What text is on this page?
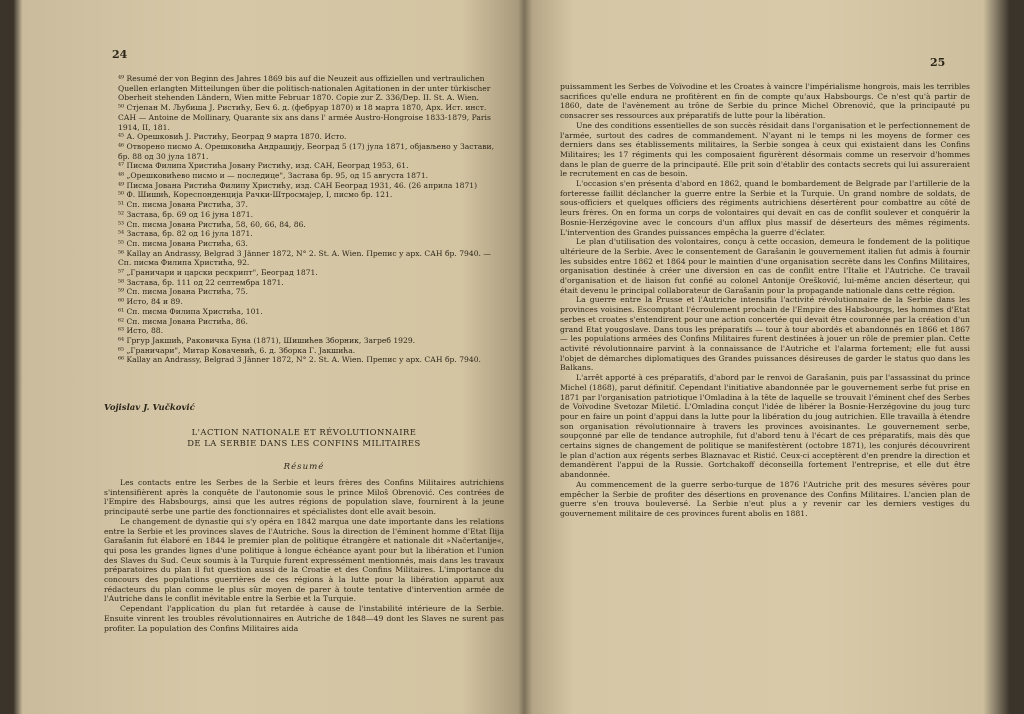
24

⁴⁹ Resumé der von Beginn des Jahres 1869 bis auf die Neuzeit aus offiziellen und vertraulichen Quellen erlangten Mitteilungen über die politisch-nationalen Agitationen in der unter türkischer Oberheit stehenden Ländern, Wien mitte Februar 1870. Copie zur Z. 336/Dep. II. St. A. Wien.

⁵⁰ Стјепан М. Љубиша Ј. Ристићу, Беч 6. д. (фебруар 1870) и 18 марта 1870, Арх. Ист. инст. САН — Antoine de Mollinary, Quarante six ans dans l' armée Austro-Hongroise 1833-1879, Paris 1914, II, 181.

⁴⁵ А. Орешковић Ј. Ристићу, Београд 9 марта 1870. Исто.

⁴⁶ Отворено писмо А. Орешковића Андрашију, Београд 5 (17) јула 1871, објављено у Застави, бр. 88 од 30 јула 1871.

⁴⁷ Писма Филипа Христића Јовану Ристићу, изд. САН, Београд 1953, 61.

⁴⁸ „Орешковићево писмо и — последице", Застава бр. 95, од 15 августа 1871.

⁴⁹ Писма Јована Ристића Филипу Христићу, изд. САН Београд 1931, 46. (26 априла 1871)

⁵⁰ Ф. Шишић, Кореспонденција Рачки-Штросмајер, I, писмо бр. 121.

⁵¹ Сп. писма Јована Ристића, 37.

⁵² Застава, бр. 69 од 16 јуна 1871.

⁵³ Сп. писма Јована Ристића, 58, 60, 66, 84, 86.

⁵⁴ Застава, бр. 82 од 16 јула 1871.

⁵⁵ Сп. писма Јована Ристића, 63.

⁵⁶ Kallay an Andrassy, Belgrad 3 Jänner 1872, N° 2. St. A. Wien. Препис у арх. САН бр. 7940. — Сп. писма Филипа Христића, 92.

⁵⁷ „Граничари и царски рескрипт", Београд 1871.

⁵⁸ Застава, бр. 111 од 22 септембра 1871.

⁵⁹ Сп. писма Јована Ристића, 75.

⁶⁰ Исто, 84 и 89.

⁶¹ Сп. писма Филипа Христића, 101.

⁶² Сп. писма Јована Ристића, 86.

⁶³ Исто, 88.

⁶⁴ Гргур Јакшић, Раковичка Буна (1871), Шишићев Зборник, Загреб 1929.

⁶⁵ „Граничари", Митар Ковачевић, 6. д. Зборка Г. Јакшића.

⁶⁶ Kallay an Andrassy, Belgrad 3 Jänner 1872, N° 2. St. A. Wien. Препис у арх. САН бр. 7940.

Vojislav J. Vučković
L'ACTION NATIONALE ET RÉVOLUTIONNAIRE
DE LA SERBIE DANS LES CONFINS MILITAIRES
Résumé

Les contacts entre les Serbes de la Serbie et leurs frères des Confins Militaires autrichiens s'intensifièrent après la conquête de l'autonomie sous le prince Miloš Obrenović. Ces contrées de l'Empire des Habsbourgs, ainsi que les autres régions de population slave, fournirent à la jeune principauté serbe une partie des fonctionnaires et spécialistes dont elle avait besoin.

Le changement de dynastie qui s'y opéra en 1842 marqua une date importante dans les relations entre la Serbie et les provinces slaves de l'Autriche. Sous la direction de l'éminent homme d'Etat Ilija Garašanin fut élaboré en 1844 le premier plan de politique étrangère et nationale dit »Načertanije«, qui posa les grandes lignes d'une politique à longue échéance ayant pour but la libération et l'union des Slaves du Sud. Ceux soumis à la Turquie furent expressément mentionnés, mais dans les travaux préparatoires du plan il fut question aussi de la Croatie et des Confins Militaires. L'importance du concours des populations guerrières de ces régions à la lutte pour la libération apparut aux rédacteurs du plan comme le plus sûr moyen de parer à toute tentative d'intervention armée de l'Autriche dans le conflit inévitable entre la Serbie et la Turquie.

Cependant l'application du plan fut retardée à cause de l'instabilité intérieure de la Serbie. Ensuite vinrent les troubles révolutionnaires en Autriche de 1848—49 dont les Slaves ne surent pas profiter. La population des Confins Militaires aida

25

puissamment les Serbes de Voïvodine et les Croates à vaincre l'impérialisme hongrois, mais les terribles sacrifices qu'elle endura ne profitèrent en fin de compte qu'aux Habsbourgs. Ce n'est qu'à partir de 1860, date de l'avènement au trône de Serbie du prince Michel Obrenović, que la principauté pu consacrer ses ressources aux préparatifs de lutte pour la libération.

Une des conditions essentielles de son succès résidait dans l'organisation et le perfectionnement de l'armée, surtout des cadres de commandement. N'ayant ni le temps ni les moyens de former ces derniers dans ses établissements militaires, la Serbie songea à ceux qui existaient dans les Confins Militaires; les 17 régiments qui les composaient figurèrent désormais comme un reservoir d'hommes dans le plan de guerre de la principauté. Elle prit soin d'établir des contacts secrets qui lui assureraient le recrutement en cas de besoin.

L'occasion s'en présenta d'abord en 1862, quand le bombardement de Belgrade par l'artillerie de la forteresse faillit déclancher la guerre entre la Serbie et la Turquie. Un grand nombre de soldats, de sous-officiers et quelques officiers des régiments autrichiens désertèrent pour combattre au côté de leurs frères. On en forma un corps de volontaires qui devait en cas de conflit soulever et conquérir la Bosnie-Herzégovine avec le concours d'un afflux plus massif de déserteurs des mêmes régiments. L'intervention des Grandes puissances empêcha la guerre d'éclater.

Le plan d'utilisation des volontaires, conçu à cette occasion, demeura le fondement de la politique ultérieure de la Serbie. Avec le consentement de Garašanin le gouvernement italien fut admis à fournir les subsides entre 1862 et 1864 pour le maintien d'une organisation secrète dans les Confins Militaires, organisation destinée à créer une diversion en cas de conflit entre l'Italie et l'Autriche. Ce travail d'organisation et de liaison fut confié au colonel Antonije Orešković, lui-même ancien déserteur, qui était devenu le principal collaborateur de Garašanin pour la propagande nationale dans cette région.

La guerre entre la Prusse et l'Autriche intensifia l'activité révolutionnaire de la Serbie dans les provinces voisines. Escomptant l'écroulement prochain de l'Empire des Habsbourgs, les hommes d'Etat serbes et croates s'entendirent pour une action concertée qui devait être couronnée par la création d'un grand Etat yougoslave. Dans tous les préparatifs — tour à tour abordés et abandonnés en 1866 et 1867 — les populations armées des Confins Militaires furent destinées à jouer un rôle de premier plan. Cette activité révolutionnaire parvint à la connaissance de l'Autriche et l'alarma fortement; elle fut aussi l'objet de démarches diplomatiques des Grandes puissances désireuses de garder le status quo dans les Balkans.

L'arrêt apporté à ces préparatifs, d'abord par le renvoi de Garašanin, puis par l'assassinat du prince Michel (1868), parut définitif. Cependant l'initiative abandonnée par le gouvernement serbe fut prise en 1871 par l'organisation patriotique l'Omladina à la tête de laquelle se trouvait l'éminent chef des Serbes de Voïvodine Svetozar Miletić. L'Omladina conçut l'idée de libérer la Bosnie-Herzégovine du joug turc pour en faire un point d'appui dans la lutte pour la libération du joug autrichien. Elle travailla à étendre son organisation révolutionnaire à travers les provinces avoisinantes. Le gouvernement serbe, soupçonné par elle de tendance autrophile, fut d'abord tenu à l'écart de ces préparatifs, mais dès que certains signes de changement de politique se manifestèrent (octobre 1871), les conjurés découvrirent le plan d'action aux régents serbes Blaznavac et Ristić. Ceux-ci acceptèrent d'en prendre la direction et demandèrent l'appui de la Russie. Gortchakoff déconseilla fortement l'entreprise, et elle dut être abandonnée.

Au commencement de la guerre serbo-turque de 1876 l'Autriche prit des mesures sévères pour empêcher la Serbie de profiter des désertions en provenance des Confins Militaires. L'ancien plan de guerre s'en trouva bouleversé. La Serbie n'eut plus a y revenir car les derniers vestiges du gouvernement militaire de ces provinces furent abolis en 1881.
